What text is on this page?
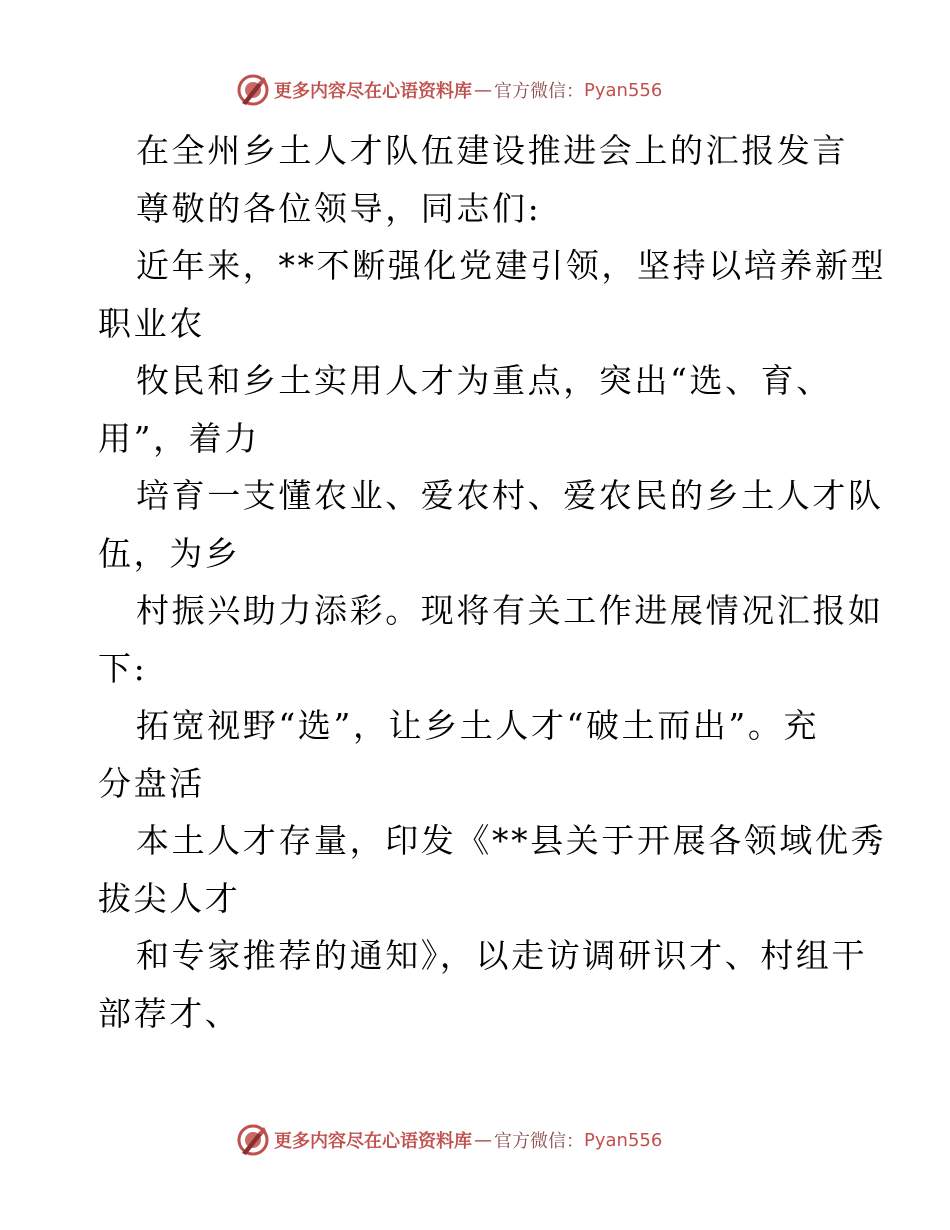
更多内容尽在心语资料库 — 官方微信： Pyan556
在全州乡土人才队伍建设推进会上的汇报发言
尊敬的各位领导，同志们:
近年来，**不断强化党建引领，坚持以培养新型
职业农
牧民和乡土实用人才为重点，突出“选、育、
用”，着力
培育一支懂农业、爱农村、爱农民的乡土人才队
伍，为乡
村振兴助力添彩。现将有关工作进展情况汇报如
下:
拓宽视野“选”，让乡土人才“破土而出”。充
分盘活
本土人才存量，印发《**县关于开展各领域优秀
拔尖人才
和专家推荐的通知》，以走访调研识才、村组干
部荐才、
更多内容尽在心语资料库 — 官方微信： Pyan556
